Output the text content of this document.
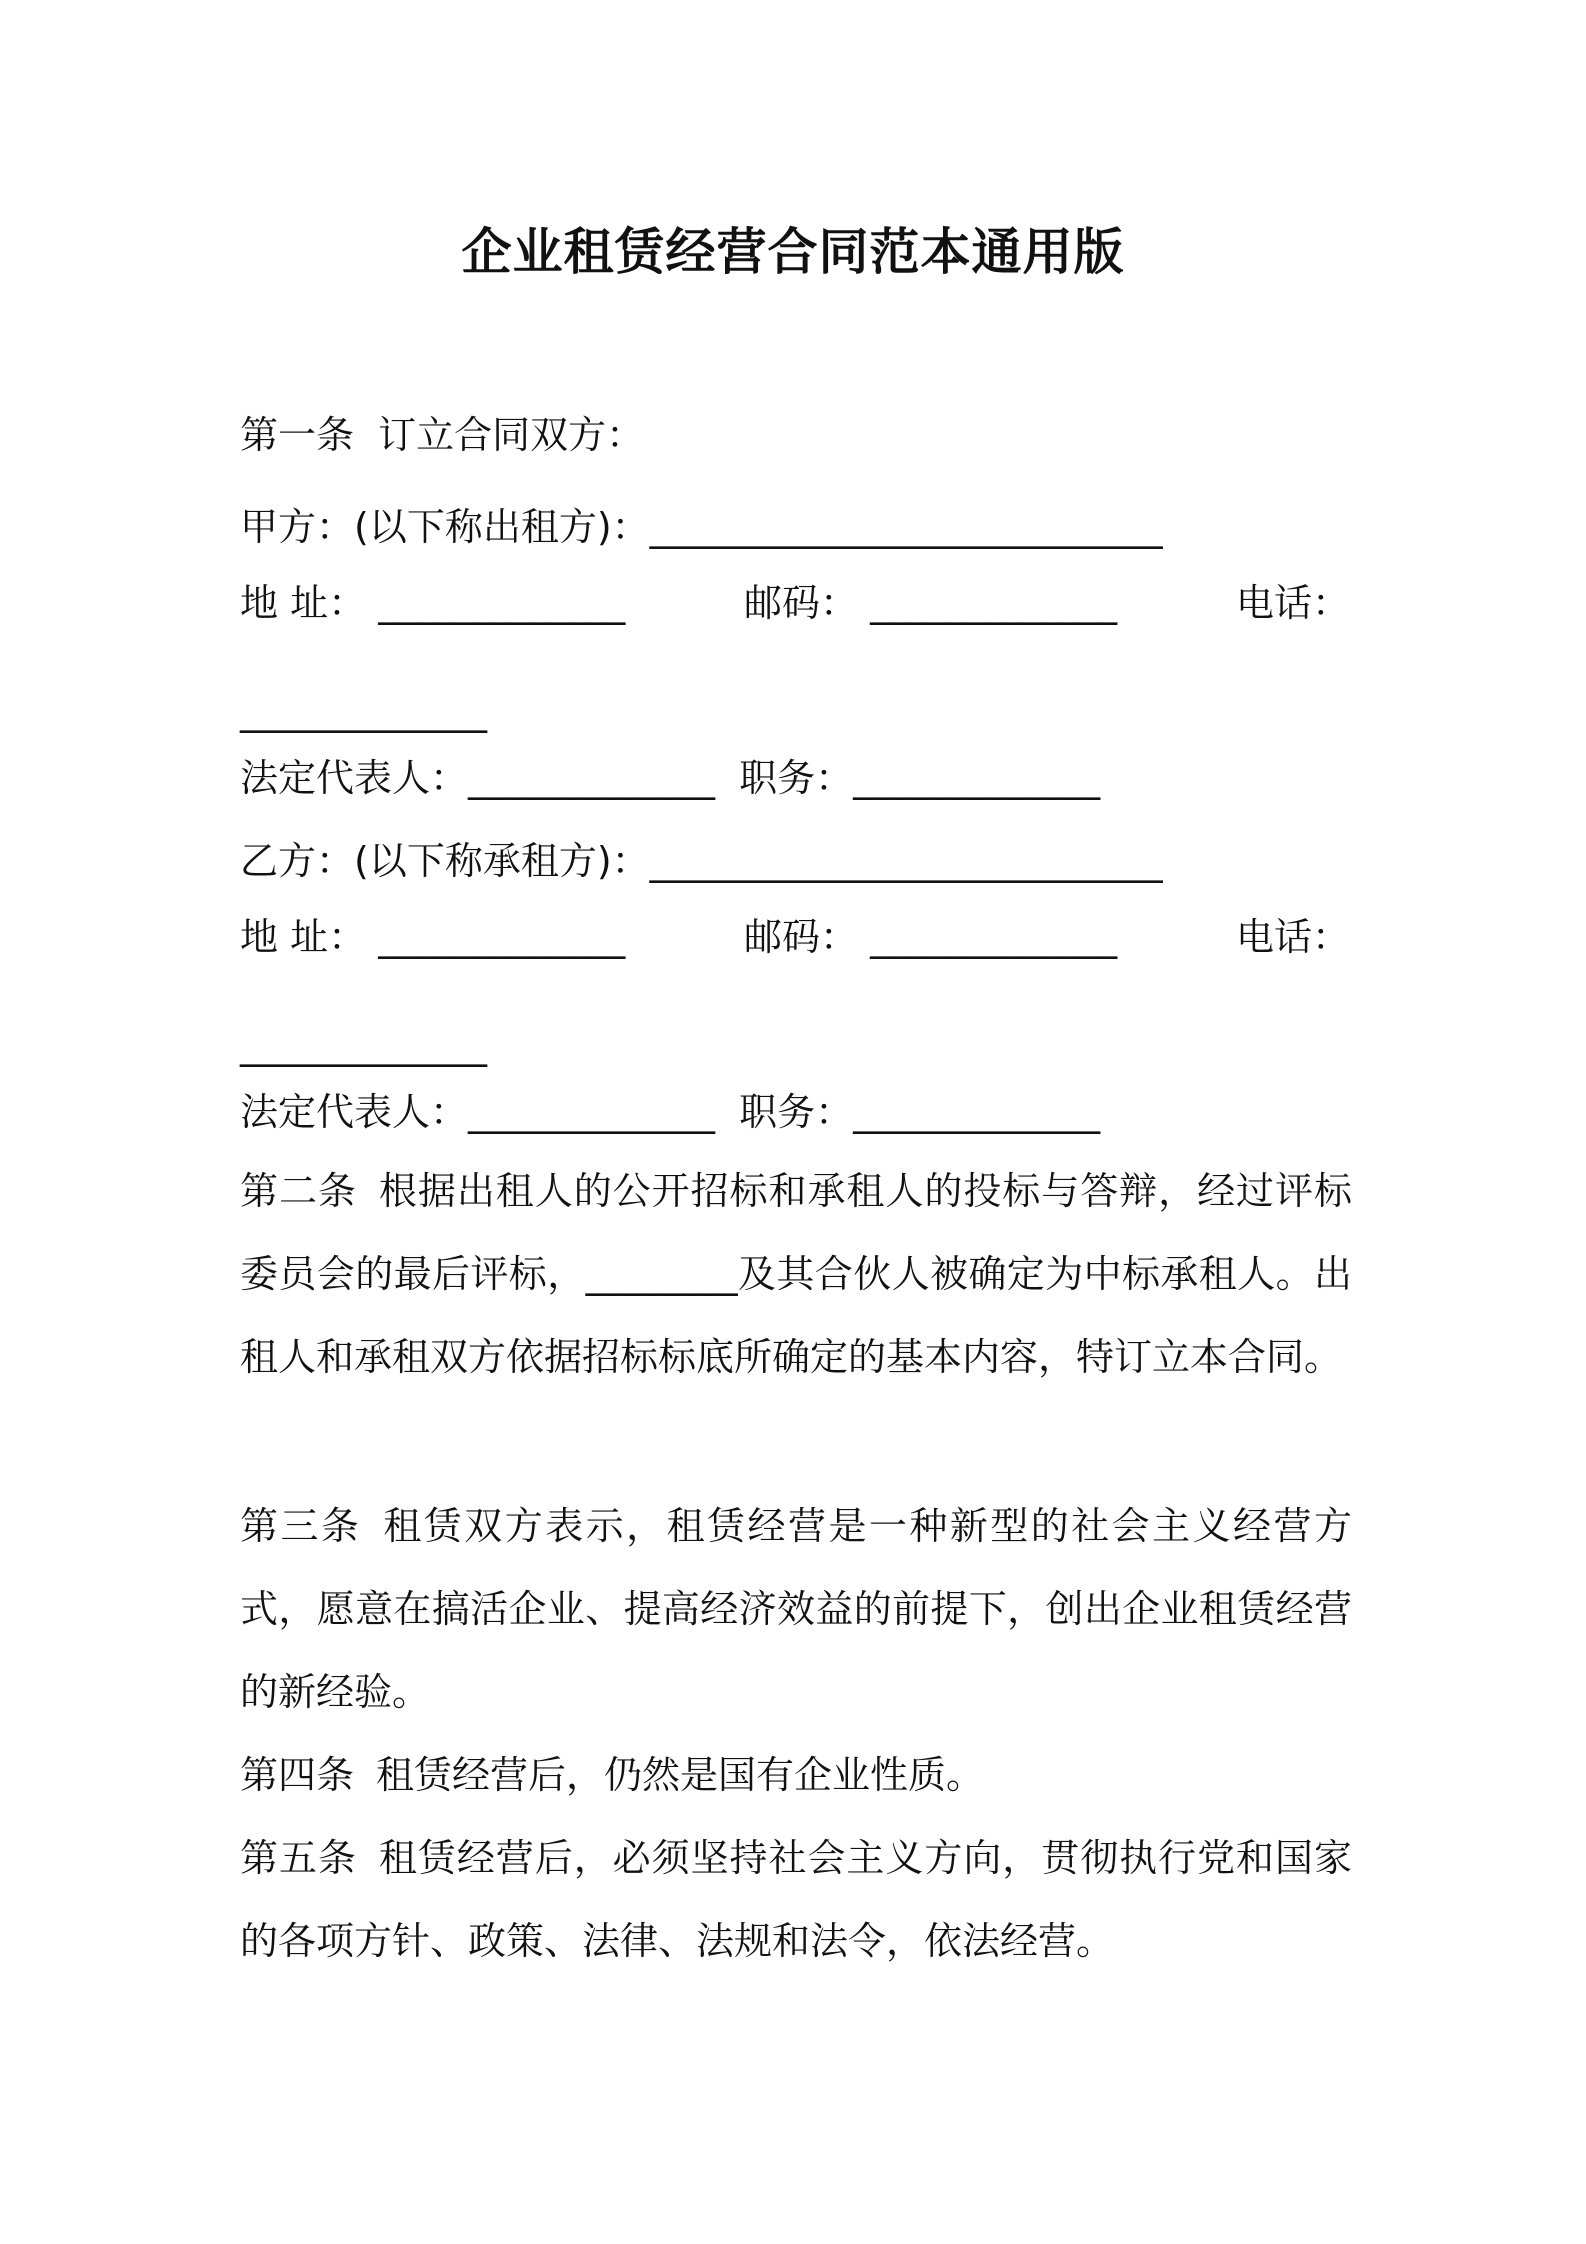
企业租赁经营合同范本通用版
第一条  订立合同双方：
甲方：(以下称出租方)：___________________________
地 址： _____________	邮码： _____________	电话：
_____________
法定代表人：_____________  职务：_____________
乙方：(以下称承租方)：___________________________
地 址： _____________	邮码： _____________	电话：
_____________
法定代表人：_____________  职务：_____________
第二条 根据出租人的公开招标和承租人的投标与答辩，经过评标委员会的最后评标，________及其合伙人被确定为中标承租人。出租人和承租双方依据招标标底所确定的基本内容，特订立本合同。
第三条 租赁双方表示，租赁经营是一种新型的社会主义经营方式，愿意在搞活企业、提高经济效益的前提下，创出企业租赁经营的新经验。
第四条 租赁经营后，仍然是国有企业性质。
第五条 租赁经营后，必须坚持社会主义方向，贯彻执行党和国家的各项方针、政策、法律、法规和法令，依法经营。
